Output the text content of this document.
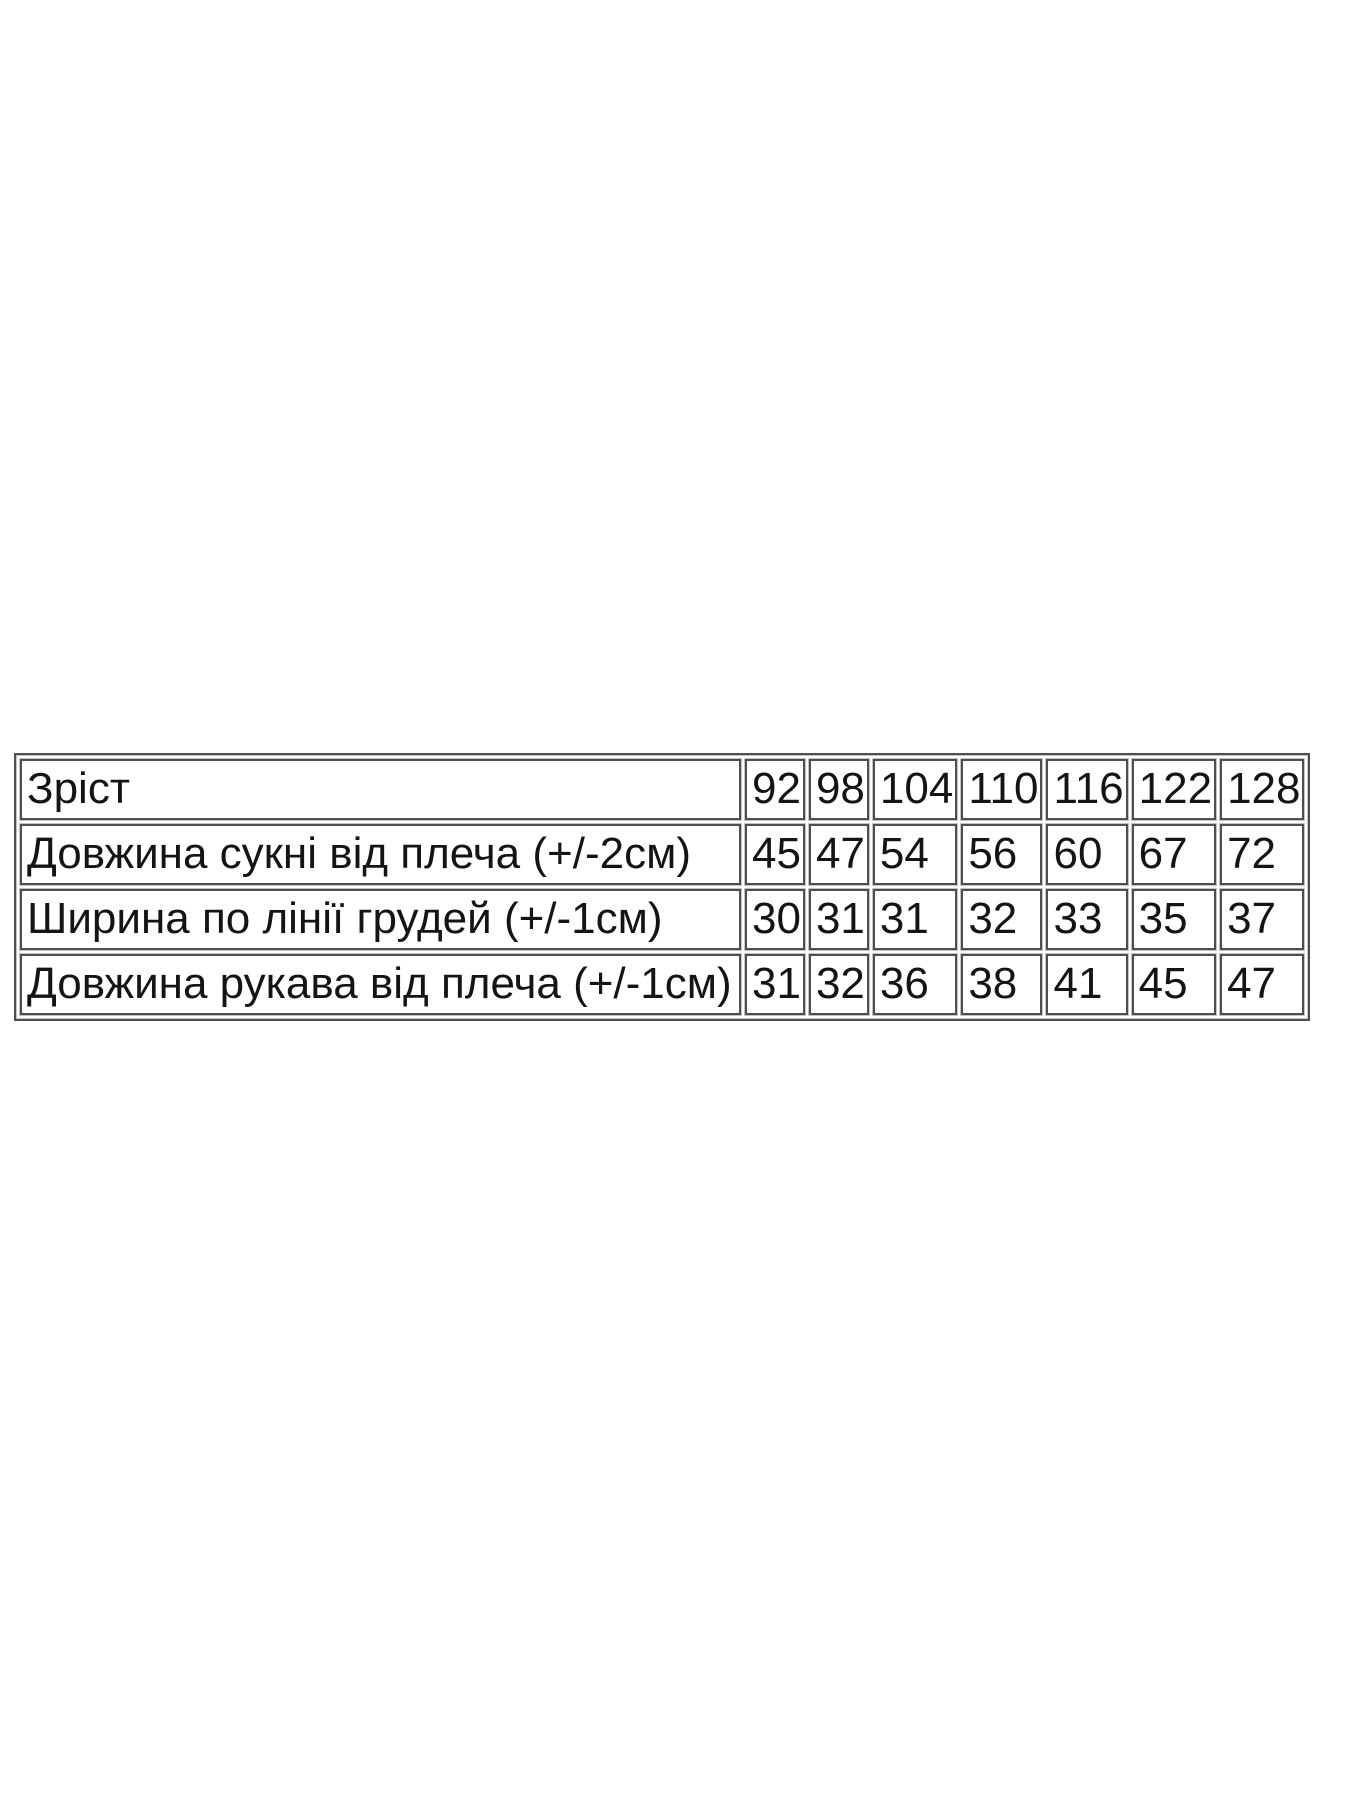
Зріст	92	98	104	110	116	122	128
Довжина сукні від плеча (+/-2см)	45	47	54	56	60	67	72
Ширина по лінії грудей (+/-1см)	30	31	31	32	33	35	37
Довжина рукава від плеча (+/-1см)	31	32	36	38	41	45	47
